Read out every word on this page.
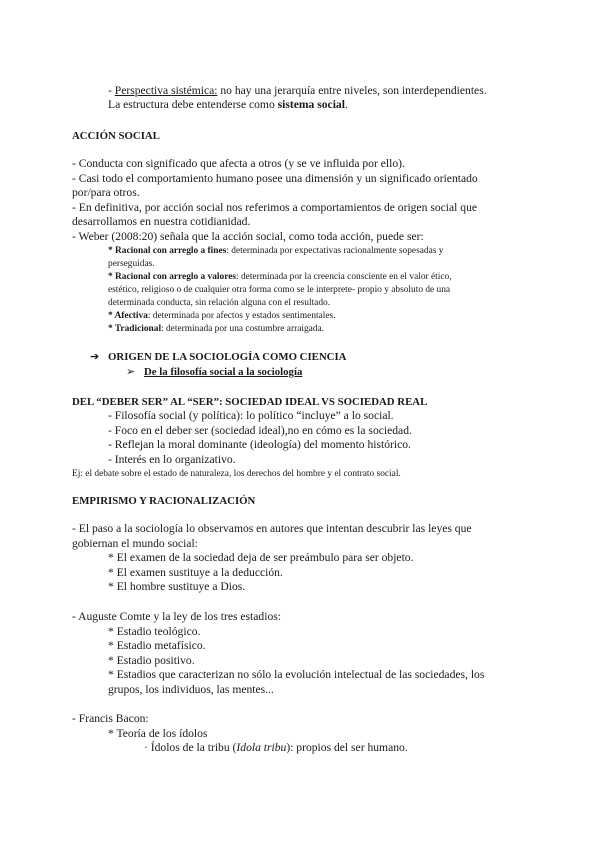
- Perspectiva sistémica: no hay una jerarquía entre niveles, son interdependientes.
La estructura debe entenderse como sistema social.
ACCIÓN SOCIAL
- Conducta con significado que afecta a otros (y se ve influida por ello).
- Casi todo el comportamiento humano posee una dimensión y un significado orientado
por/para otros.
- En definitiva, por acción social nos referimos a comportamientos de origen social que
desarrollamos en nuestra cotidianidad.
- Weber (2008:20) señala que la acción social, como toda acción, puede ser:
* Racional con arreglo a fines: determinada por expectativas racionalmente sopesadas y
perseguidas.
* Racional con arreglo a valores: determinada por la creencia consciente en el valor ético,
estético, religioso o de cualquier otra forma como se le interprete- propio y absoluto de una
determinada conducta, sin relación alguna con el resultado.
* Afectiva: determinada por afectos y estados sentimentales.
* Tradicional: determinada por una costumbre arraigada.
➔ ORIGEN DE LA SOCIOLOGÍA COMO CIENCIA
➢ De la filosofía social a la sociología
DEL “DEBER SER” AL “SER”: SOCIEDAD IDEAL VS SOCIEDAD REAL
- Filosofía social (y política): lo político “incluye” a lo social.
- Foco en el deber ser (sociedad ideal),no en cómo es la sociedad.
- Reflejan la moral dominante (ideología) del momento histórico.
- Interés en lo organizativo.
Ej: el debate sobre el estado de naturaleza, los derechos del hombre y el contrato social.
EMPIRISMO Y RACIONALIZACIÓN
- El paso a la sociología lo observamos en autores que intentan descubrir las leyes que
gobiernan el mundo social:
* El examen de la sociedad deja de ser preámbulo para ser objeto.
* El examen sustituye a la deducción.
* El hombre sustituye a Dios.
- Auguste Comte y la ley de los tres estadios:
* Estadio teológico.
* Estadio metafísico.
* Estadio positivo.
* Estadios que caracterizan no sólo la evolución intelectual de las sociedades, los
grupos, los individuos, las mentes...
- Francis Bacon:
* Teoría de los ídolos
· Ídolos de la tribu (Idola tribu): propios del ser humano.
